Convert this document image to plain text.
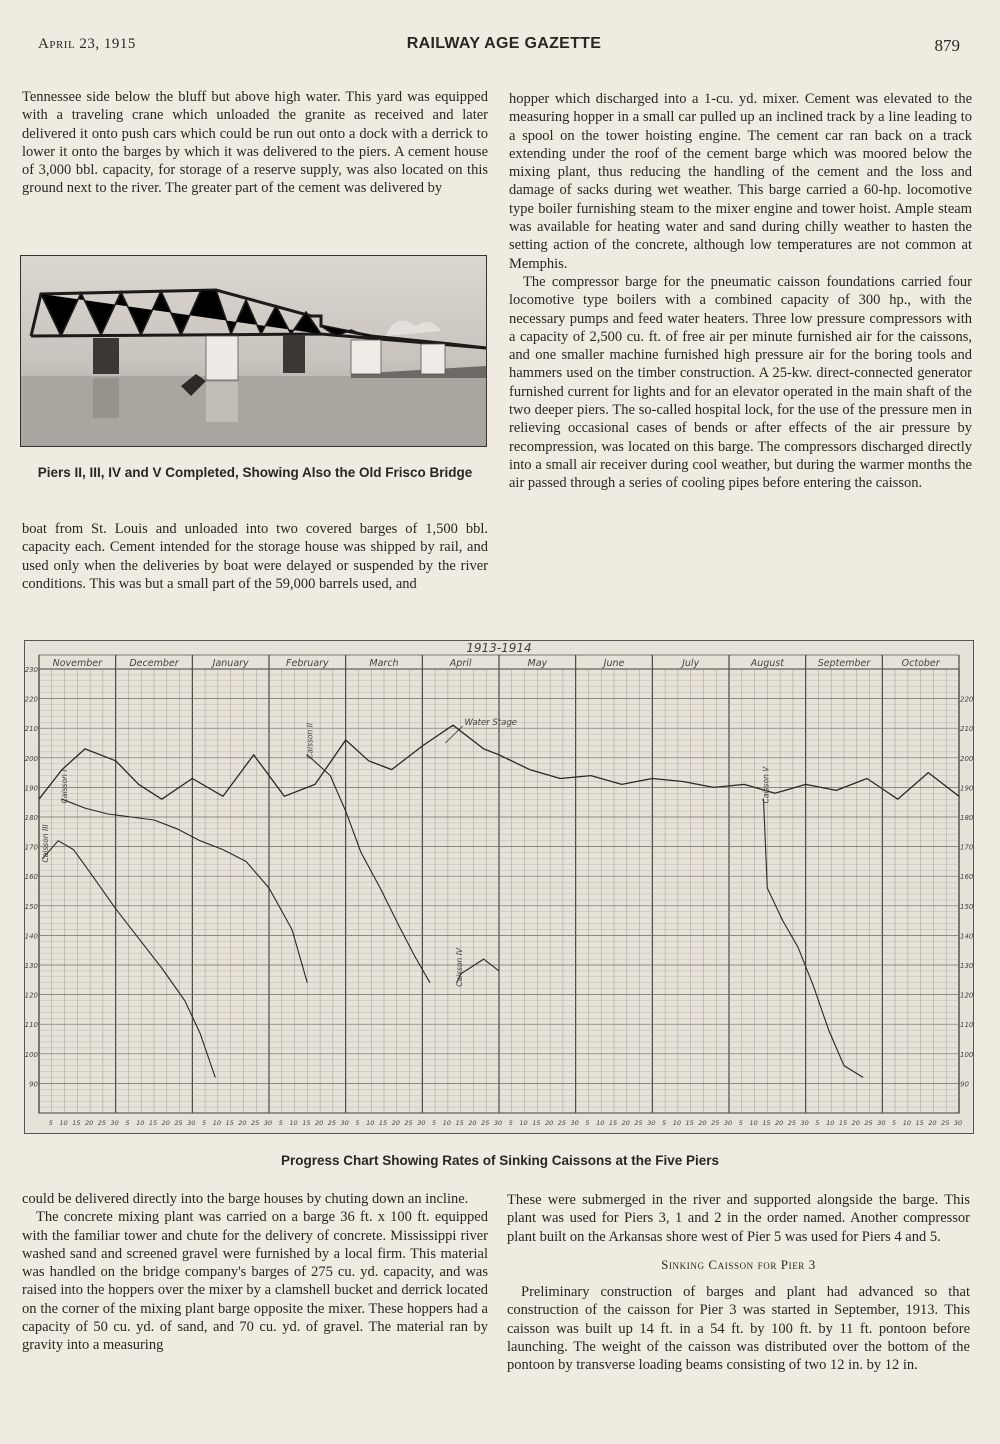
April 23, 1915	RAILWAY AGE GAZETTE	879

Tennessee side below the bluff but above high water. This yard was equipped with a traveling crane which unloaded the granite as received and later delivered it onto push cars which could be run out onto a dock with a derrick to lower it onto the barges by which it was delivered to the piers. A cement house of 3,000 bbl. capacity, for storage of a reserve supply, was also located on this ground next to the river. The greater part of the cement was delivered by

Piers II, III, IV and V Completed, Showing Also the Old Frisco Bridge

boat from St. Louis and unloaded into two covered barges of 1,500 bbl. capacity each. Cement intended for the storage house was shipped by rail, and used only when the deliveries by boat were delayed or suspended by the river conditions. This was but a small part of the 59,000 barrels used, and

hopper which discharged into a 1-cu. yd. mixer. Cement was elevated to the measuring hopper in a small car pulled up an inclined track by a line leading to a spool on the tower hoisting engine. The cement car ran back on a track extending under the roof of the cement barge which was moored below the mixing plant, thus reducing the handling of the cement and the loss and damage of sacks during wet weather. This barge carried a 60-hp. locomotive type boiler furnishing steam to the mixer engine and tower hoist. Ample steam was available for heating water and sand during chilly weather to hasten the setting action of the concrete, although low temperatures are not common at Memphis.

The compressor barge for the pneumatic caisson foundations carried four locomotive type boilers with a combined capacity of 300 hp., with the necessary pumps and feed water heaters. Three low pressure compressors with a capacity of 2,500 cu. ft. of free air per minute furnished air for the caissons, and one smaller machine furnished high pressure air for the boring tools and hammers used on the timber construction. A 25-kw. direct-connected generator furnished current for lights and for an elevator operated in the main shaft of the two deeper piers. The so-called hospital lock, for the use of the pressure men in relieving occasional cases of bends or after effects of the air pressure by recompression, was located on this barge. The compressors discharged directly into a small air receiver during cool weather, but during the warmer months the air passed through a series of cooling pipes before entering the caisson.

1913-1914
November	December	January	February	March	April	May	June	July	August	September	October
90
100
110
120
130
140
150
160
170
180
190
200
210
220
230
90
100
110
120
130
140
150
160
170
180
190
200
210
220
5 10 15 20 25 30 5 10 15 20 25 30 5 10 15 20 25 30 5 10 15 20 25 30 5 10 15 20 25 30 5 10 15 20 25 30 5 10 15 20 25 30 5 10 15 20 25 30 5 10 15 20 25 30 5 10 15 20 25 30 5 10 15 20 25 30 5 10 15 20 25 30
Caisson III
Caisson I
Caisson II
Caisson IV
Caisson V
Water Stage
Progress Chart Showing Rates of Sinking Caissons at the Five Piers

could be delivered directly into the barge houses by chuting down an incline.

The concrete mixing plant was carried on a barge 36 ft. x 100 ft. equipped with the familiar tower and chute for the delivery of concrete. Mississippi river washed sand and screened gravel were furnished by a local firm. This material was handled on the bridge company's barges of 275 cu. yd. capacity, and was raised into the hoppers over the mixer by a clamshell bucket and derrick located on the corner of the mixing plant barge opposite the mixer. These hoppers had a capacity of 50 cu. yd. of sand, and 70 cu. yd. of gravel. The material ran by gravity into a measuring

These were submerged in the river and supported alongside the barge. This plant was used for Piers 3, 1 and 2 in the order named. Another compressor plant built on the Arkansas shore west of Pier 5 was used for Piers 4 and 5.

Sinking Caisson for Pier 3

Preliminary construction of barges and plant had advanced so that construction of the caisson for Pier 3 was started in September, 1913. This caisson was built up 14 ft. in a 54 ft. by 100 ft. by 11 ft. pontoon before launching. The weight of the caisson was distributed over the bottom of the pontoon by transverse loading beams consisting of two 12 in. by 12 in.
